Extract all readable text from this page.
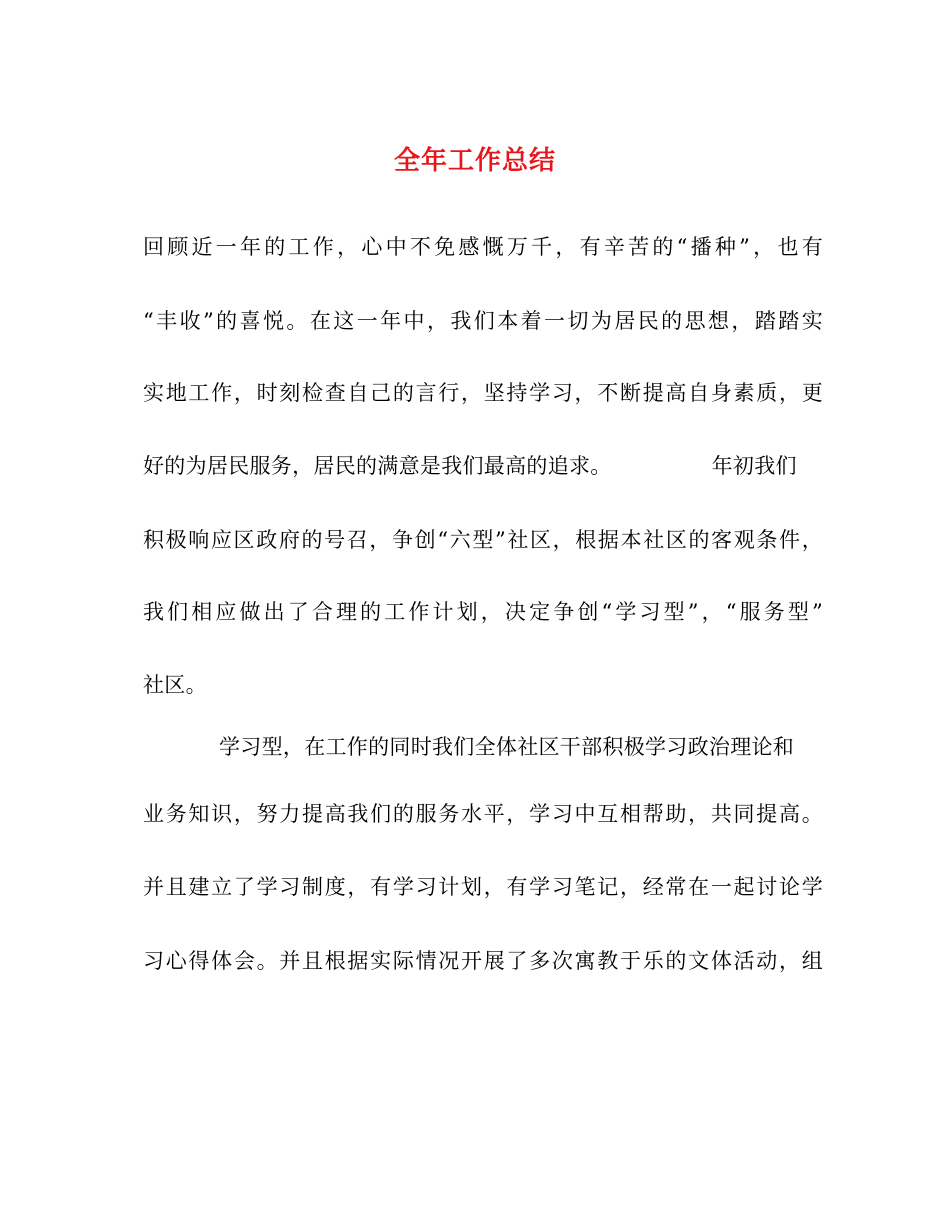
全年工作总结
回顾近一年的工作，心中不免感慨万千，有辛苦的“播种”，也有
“丰收”的喜悦。在这一年中，我们本着一切为居民的思想，踏踏实
实地工作，时刻检查自己的言行，坚持学习，不断提高自身素质，更
好的为居民服务，居民的满意是我们最高的追求。	年初我们
积极响应区政府的号召，争创“六型”社区，根据本社区的客观条件，
我们相应做出了合理的工作计划，决定争创“学习型”，“服务型”
社区。
学习型，在工作的同时我们全体社区干部积极学习政治理论和
业务知识，努力提高我们的服务水平，学习中互相帮助，共同提高。
并且建立了学习制度，有学习计划，有学习笔记，经常在一起讨论学
习心得体会。并且根据实际情况开展了多次寓教于乐的文体活动，组
